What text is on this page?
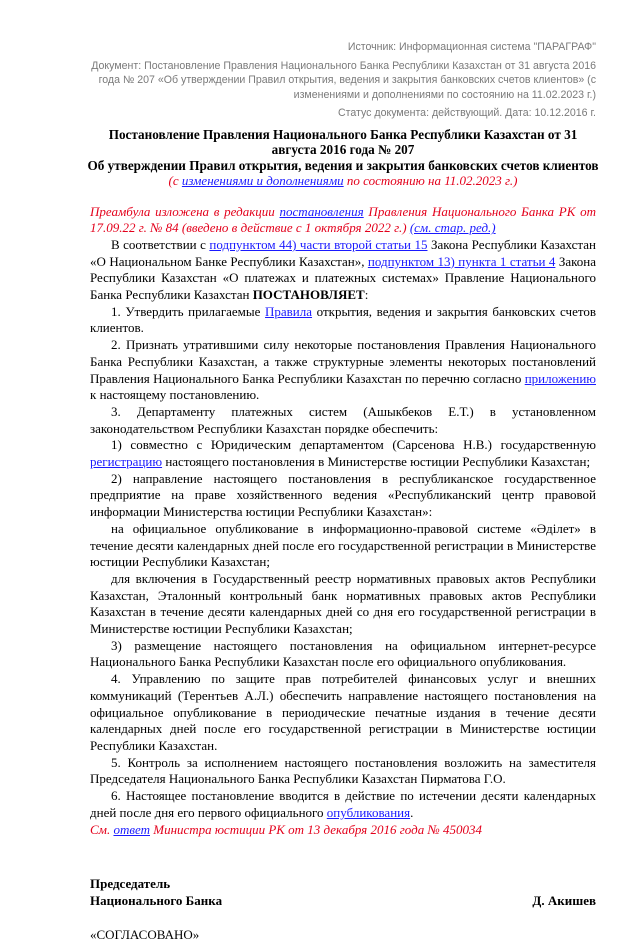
Источник: Информационная система "ПАРАГРАФ"

Документ: Постановление Правления Национального Банка Республики Казахстан от 31 августа 2016 года № 207 «Об утверждении Правил открытия, ведения и закрытия банковских счетов клиентов» (с изменениями и дополнениями по состоянию на 11.02.2023 г.)

Статус документа: действующий. Дата: 10.12.2016 г.

Постановление Правления Национального Банка Республики Казахстан от 31 августа 2016 года № 207
Об утверждении Правил открытия, ведения и закрытия банковских счетов клиентов
(с изменениями и дополнениями по состоянию на 11.02.2023 г.)

Преамбула изложена в редакции постановления Правления Национального Банка РК от 17.09.22 г. № 84 (введено в действие с 1 октября 2022 г.) (см. стар. ред.)

В соответствии с подпунктом 44) части второй статьи 15 Закона Республики Казахстан «О Национальном Банке Республики Казахстан», подпунктом 13) пункта 1 статьи 4 Закона Республики Казахстан «О платежах и платежных системах» Правление Национального Банка Республики Казахстан ПОСТАНОВЛЯЕТ:

1. Утвердить прилагаемые Правила открытия, ведения и закрытия банковских счетов клиентов.

2. Признать утратившими силу некоторые постановления Правления Национального Банка Республики Казахстан, а также структурные элементы некоторых постановлений Правления Национального Банка Республики Казахстан по перечню согласно приложению к настоящему постановлению.

3. Департаменту платежных систем (Ашыкбеков Е.Т.) в установленном законодательством Республики Казахстан порядке обеспечить:

1) совместно с Юридическим департаментом (Сарсенова Н.В.) государственную регистрацию настоящего постановления в Министерстве юстиции Республики Казахстан;

2) направление настоящего постановления в республиканское государственное предприятие на праве хозяйственного ведения «Республиканский центр правовой информации Министерства юстиции Республики Казахстан»:

на официальное опубликование в информационно-правовой системе «Әділет» в течение десяти календарных дней после его государственной регистрации в Министерстве юстиции Республики Казахстан;

для включения в Государственный реестр нормативных правовых актов Республики Казахстан, Эталонный контрольный банк нормативных правовых актов Республики Казахстан в течение десяти календарных дней со дня его государственной регистрации в Министерстве юстиции Республики Казахстан;

3) размещение настоящего постановления на официальном интернет-ресурсе Национального Банка Республики Казахстан после его официального опубликования.

4. Управлению по защите прав потребителей финансовых услуг и внешних коммуникаций (Терентьев А.Л.) обеспечить направление настоящего постановления на официальное опубликование в периодические печатные издания в течение десяти календарных дней после его государственной регистрации в Министерстве юстиции Республики Казахстан.

5. Контроль за исполнением настоящего постановления возложить на заместителя Председателя Национального Банка Республики Казахстан Пирматова Г.О.

6. Настоящее постановление вводится в действие по истечении десяти календарных дней после дня его первого официального опубликования.

См. ответ Министра юстиции РК от 13 декабря 2016 года № 450034

Председатель
Национального Банка	Д. Акишев
«СОГЛАСОВАНО»
